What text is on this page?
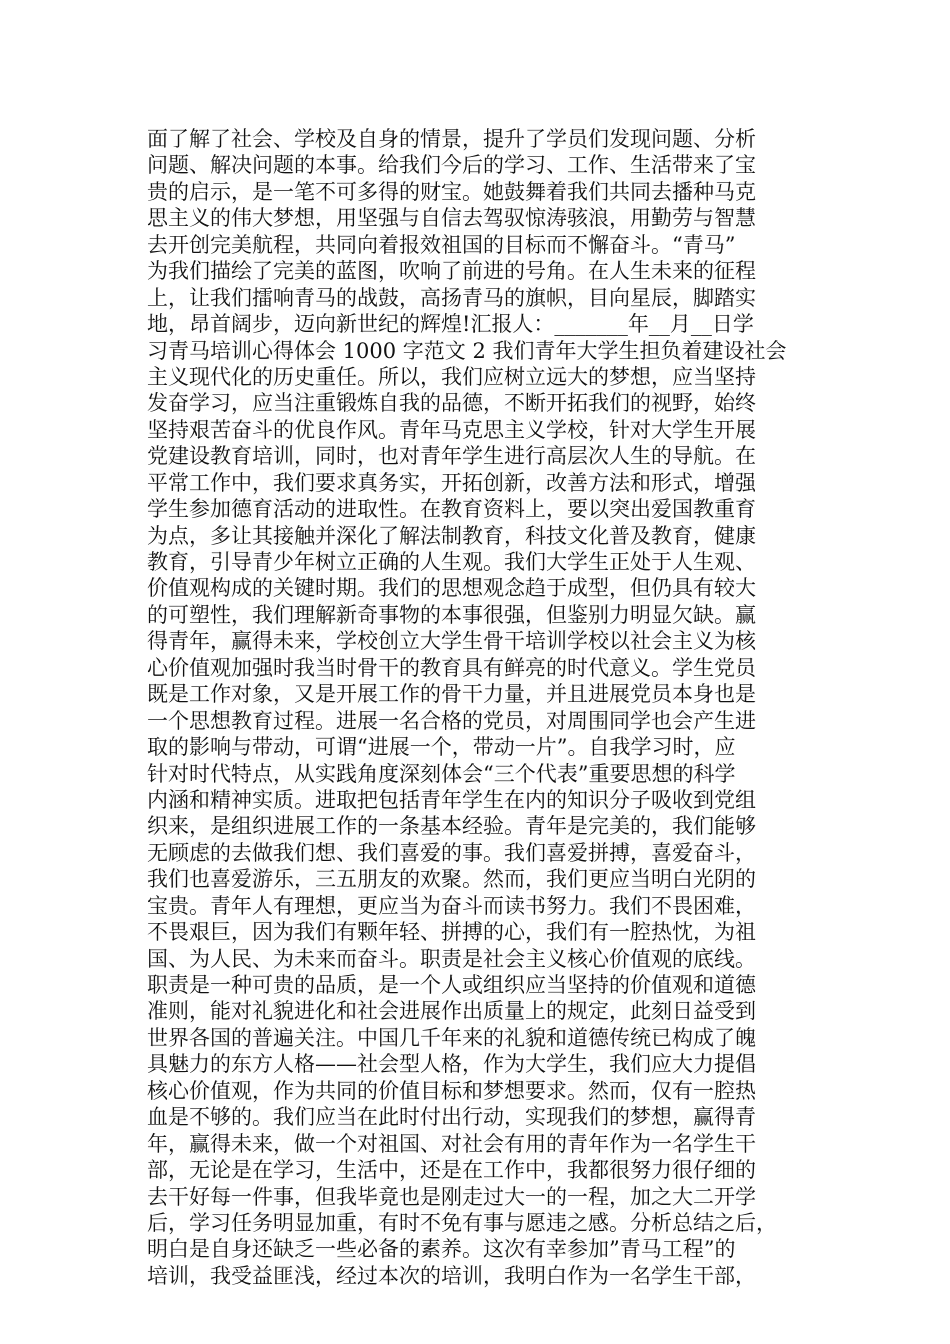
面了解了社会、学校及自身的情景，提升了学员们发现问题、分析
问题、解决问题的本事。给我们今后的学习、工作、生活带来了宝
贵的启示，是一笔不可多得的财宝。她鼓舞着我们共同去播种马克
思主义的伟大梦想，用坚强与自信去驾驭惊涛骇浪，用勤劳与智慧
去开创完美航程，共同向着报效祖国的目标而不懈奋斗。“青马”
为我们描绘了完美的蓝图，吹响了前进的号角。在人生未来的征程
上，让我们擂响青马的战鼓，高扬青马的旗帜，目向星辰，脚踏实
地，昂首阔步，迈向新世纪的辉煌!汇报人：_______年__月__日学
习青马培训心得体会 1000 字范文 2 我们青年大学生担负着建设社会
主义现代化的历史重任。所以，我们应树立远大的梦想，应当坚持
发奋学习，应当注重锻炼自我的品德，不断开拓我们的视野，始终
坚持艰苦奋斗的优良作风。青年马克思主义学校，针对大学生开展
党建设教育培训，同时，也对青年学生进行高层次人生的导航。在
平常工作中，我们要求真务实，开拓创新，改善方法和形式，增强
学生参加德育活动的进取性。在教育资料上，要以突出爱国教重育
为点，多让其接触并深化了解法制教育，科技文化普及教育，健康
教育，引导青少年树立正确的人生观。我们大学生正处于人生观、
价值观构成的关键时期。我们的思想观念趋于成型，但仍具有较大
的可塑性，我们理解新奇事物的本事很强，但鉴别力明显欠缺。赢
得青年，赢得未来，学校创立大学生骨干培训学校以社会主义为核
心价值观加强时我当时骨干的教育具有鲜亮的时代意义。学生党员
既是工作对象，又是开展工作的骨干力量，并且进展党员本身也是
一个思想教育过程。进展一名合格的党员，对周围同学也会产生进
取的影响与带动，可谓“进展一个，带动一片”。自我学习时，应
针对时代特点，从实践角度深刻体会“三个代表”重要思想的科学
内涵和精神实质。进取把包括青年学生在内的知识分子吸收到党组
织来，是组织进展工作的一条基本经验。青年是完美的，我们能够
无顾虑的去做我们想、我们喜爱的事。我们喜爱拼搏，喜爱奋斗，
我们也喜爱游乐，三五朋友的欢聚。然而，我们更应当明白光阴的
宝贵。青年人有理想，更应当为奋斗而读书努力。我们不畏困难，
不畏艰巨，因为我们有颗年轻、拼搏的心，我们有一腔热忱，为祖
国、为人民、为未来而奋斗。职责是社会主义核心价值观的底线。
职责是一种可贵的品质，是一个人或组织应当坚持的价值观和道德
准则，能对礼貌进化和社会进展作出质量上的规定，此刻日益受到
世界各国的普遍关注。中国几千年来的礼貌和道德传统已构成了魄
具魅力的东方人格——社会型人格，作为大学生，我们应大力提倡
核心价值观，作为共同的价值目标和梦想要求。然而，仅有一腔热
血是不够的。我们应当在此时付出行动，实现我们的梦想，赢得青
年，赢得未来，做一个对祖国、对社会有用的青年作为一名学生干
部，无论是在学习，生活中，还是在工作中，我都很努力很仔细的
去干好每一件事，但我毕竟也是刚走过大一的一程，加之大二开学
后，学习任务明显加重，有时不免有事与愿违之感。分析总结之后，
明白是自身还缺乏一些必备的素养。这次有幸参加”青马工程”的
培训，我受益匪浅，经过本次的培训，我明白作为一名学生干部，
